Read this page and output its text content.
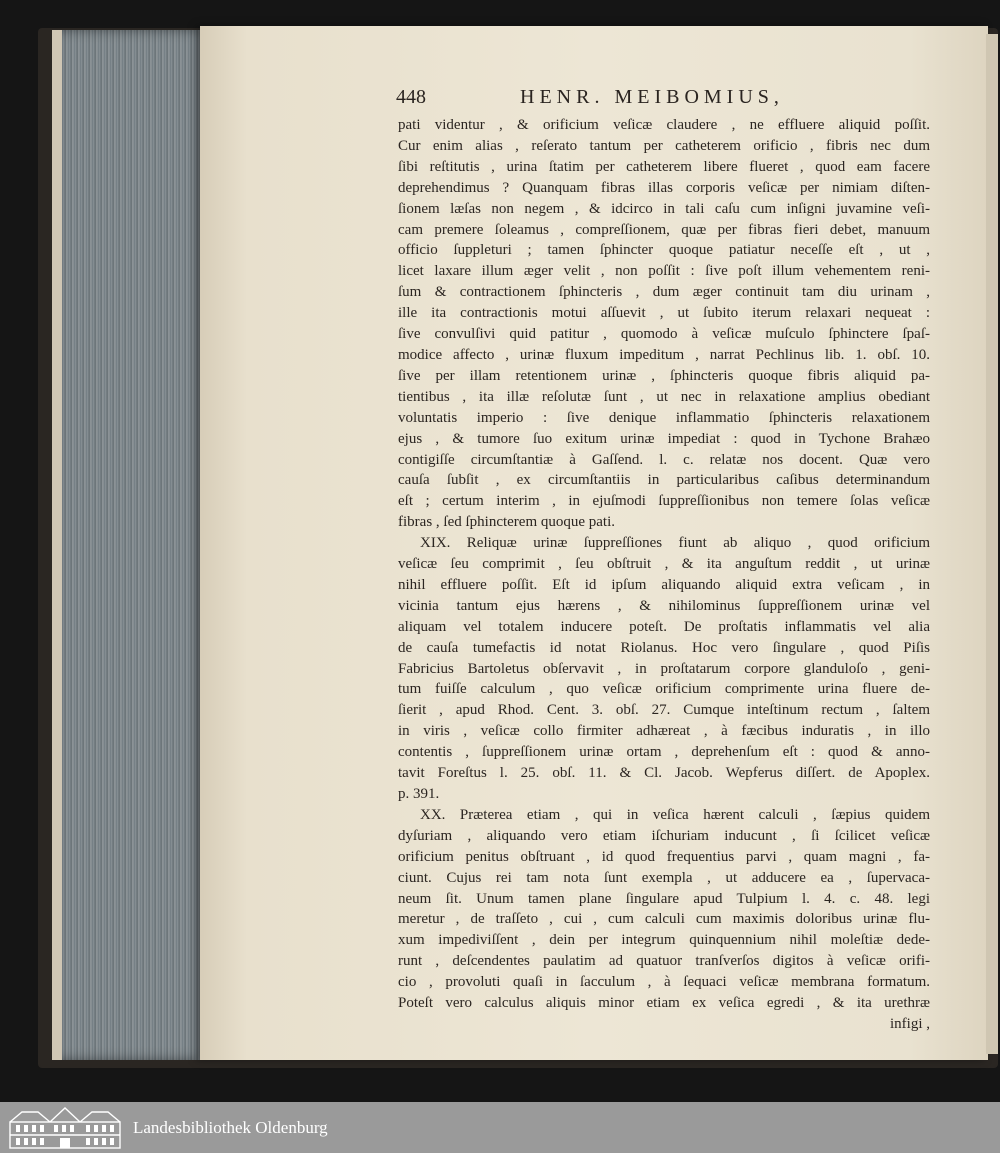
448	HENR. MEIBOMIUS,
pati videntur , & orificium veſicæ claudere , ne effluere aliquid poſſit.
Cur enim alias , reſerato tantum per catheterem orificio , fibris nec dum
ſibi reſtitutis , urina ſtatim per catheterem libere flueret , quod eam facere
deprehendimus ? Quanquam fibras illas corporis veſicæ per nimiam diſten-
ſionem læſas non negem , & idcirco in tali caſu cum inſigni juvamine veſi-
cam premere ſoleamus , compreſſionem, quæ per fibras fieri debet, manuum
officio ſuppleturi ; tamen ſphincter quoque patiatur neceſſe eſt , ut ,
licet laxare illum æger velit , non poſſit : ſive poſt illum vehementem reni-
ſum & contractionem ſphincteris , dum æger continuit tam diu urinam ,
ille ita contractionis motui aſſuevit , ut ſubito iterum relaxari nequeat :
ſive convulſivi quid patitur , quomodo à veſicæ muſculo ſphinctere ſpaſ-
modice affecto , urinæ fluxum impeditum , narrat Pechlinus lib. 1. obſ. 10.
ſive per illam retentionem urinæ , ſphincteris quoque fibris aliquid pa-
tientibus , ita illæ reſolutæ ſunt , ut nec in relaxatione amplius obediant
voluntatis imperio : ſive denique inflammatio ſphincteris relaxationem
ejus , & tumore ſuo exitum urinæ impediat : quod in Tychone Brahæo
contigiſſe circumſtantiæ à Gaſſend. l. c. relatæ nos docent. Quæ vero
cauſa ſubſit , ex circumſtantiis in particularibus caſibus determinandum
eſt ; certum interim , in ejuſmodi ſuppreſſionibus non temere ſolas veſicæ
fibras , ſed ſphincterem quoque pati.
XIX. Reliquæ urinæ ſuppreſſiones fiunt ab aliquo , quod orificium
veſicæ ſeu comprimit , ſeu obſtruit , & ita anguſtum reddit , ut urinæ
nihil effluere poſſit. Eſt id ipſum aliquando aliquid extra veſicam , in
vicinia tantum ejus hærens , & nihilominus ſuppreſſionem urinæ vel
aliquam vel totalem inducere poteſt. De proſtatis inflammatis vel alia
de cauſa tumefactis id notat Riolanus. Hoc vero ſingulare , quod Piſis
Fabricius Bartoletus obſervavit , in proſtatarum corpore glanduloſo , geni-
tum fuiſſe calculum , quo veſicæ orificium comprimente urina fluere de-
ſierit , apud Rhod. Cent. 3. obſ. 27. Cumque inteſtinum rectum , ſaltem
in viris , veſicæ collo firmiter adhæreat , à fæcibus induratis , in illo
contentis , ſuppreſſionem urinæ ortam , deprehenſum eſt : quod & anno-
tavit Foreſtus l. 25. obſ. 11. & Cl. Jacob. Wepferus diſſert. de Apoplex.
p. 391.
XX. Præterea etiam , qui in veſica hærent calculi , ſæpius quidem
dyſuriam , aliquando vero etiam iſchuriam inducunt , ſi ſcilicet veſicæ
orificium penitus obſtruant , id quod frequentius parvi , quam magni , fa-
ciunt. Cujus rei tam nota ſunt exempla , ut adducere ea , ſupervaca-
neum ſit. Unum tamen plane ſingulare apud Tulpium l. 4. c. 48. legi
meretur , de traſſeto , cui , cum calculi cum maximis doloribus urinæ flu-
xum impediviſſent , dein per integrum quinquennium nihil moleſtiæ dede-
runt , deſcendentes paulatim ad quatuor tranſverſos digitos à veſicæ orifi-
cio , provoluti quaſi in ſacculum , à ſequaci veſicæ membrana formatum.
Poteſt vero calculus aliquis minor etiam ex veſica egredi , & ita urethræ
infigi ,
Landesbibliothek Oldenburg
